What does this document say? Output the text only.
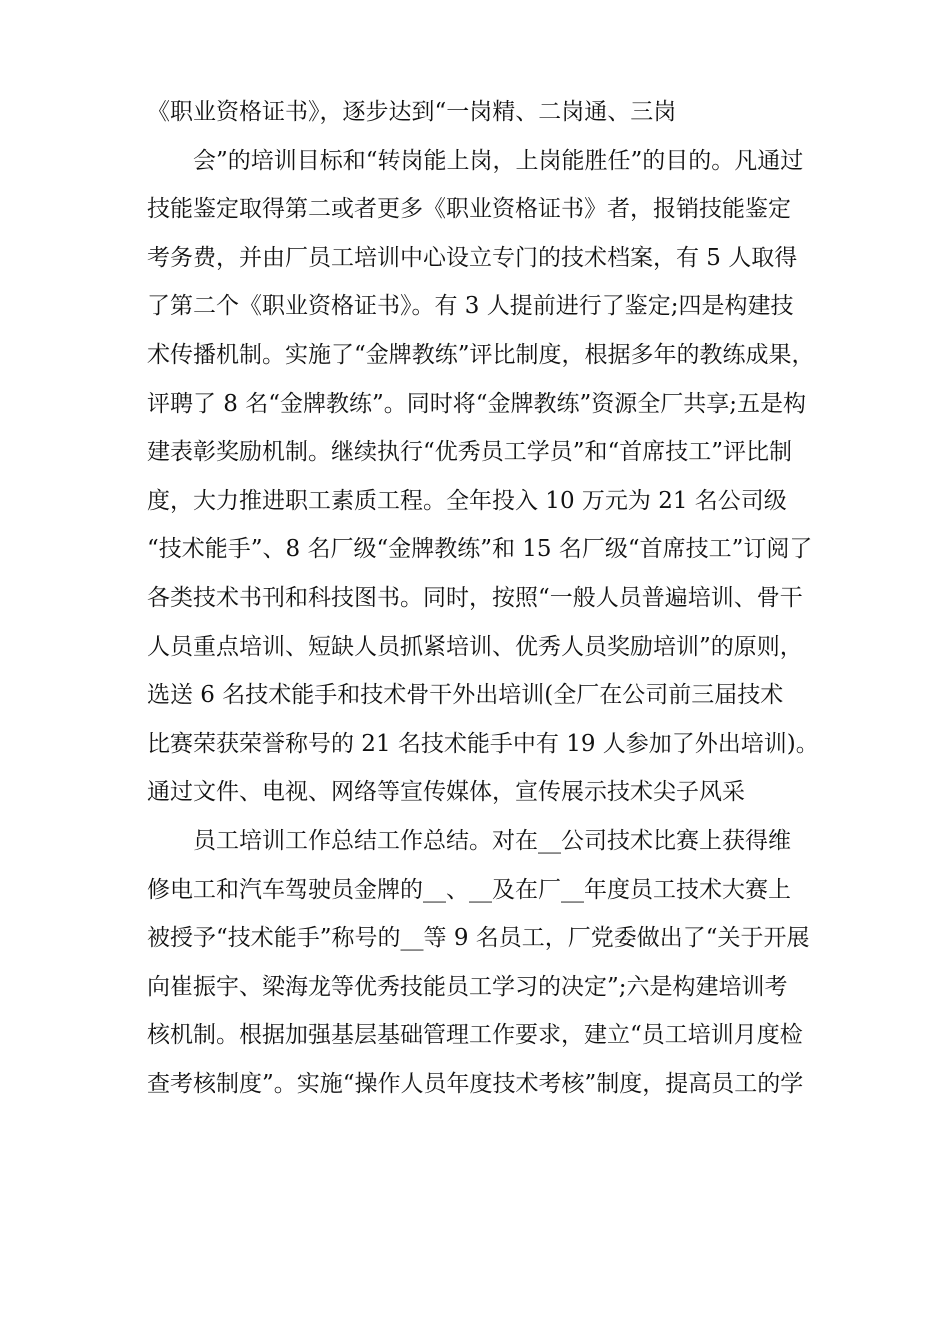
《职业资格证书》，逐步达到“一岗精、二岗通、三岗
会”的培训目标和“转岗能上岗，上岗能胜任”的目的。凡通过
技能鉴定取得第二或者更多《职业资格证书》者，报销技能鉴定
考务费，并由厂员工培训中心设立专门的技术档案，有 5 人取得
了第二个《职业资格证书》。有 3 人提前进行了鉴定;四是构建技
术传播机制。实施了“金牌教练”评比制度，根据多年的教练成果，
评聘了 8 名“金牌教练”。同时将“金牌教练”资源全厂共享;五是构
建表彰奖励机制。继续执行“优秀员工学员”和“首席技工”评比制
度，大力推进职工素质工程。全年投入 10 万元为 21 名公司级
“技术能手”、8 名厂级“金牌教练”和 15 名厂级“首席技工”订阅了
各类技术书刊和科技图书。同时，按照“一般人员普遍培训、骨干
人员重点培训、短缺人员抓紧培训、优秀人员奖励培训”的原则，
选送 6 名技术能手和技术骨干外出培训(全厂在公司前三届技术
比赛荣获荣誉称号的 21 名技术能手中有 19 人参加了外出培训)。
通过文件、电视、网络等宣传媒体，宣传展示技术尖子风采
员工培训工作总结工作总结。对在__公司技术比赛上获得维
修电工和汽车驾驶员金牌的__、__及在厂__年度员工技术大赛上
被授予“技术能手”称号的__等 9 名员工，厂党委做出了“关于开展
向崔振宇、梁海龙等优秀技能员工学习的决定”;六是构建培训考
核机制。根据加强基层基础管理工作要求，建立“员工培训月度检
查考核制度”。实施“操作人员年度技术考核”制度，提高员工的学
